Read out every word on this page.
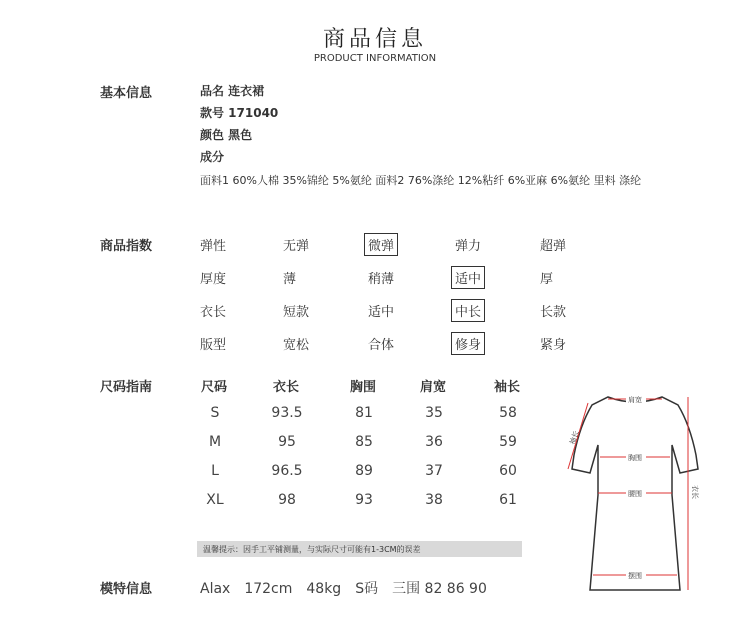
商品信息
PRODUCT INFORMATION
基本信息	品名 连衣裙
款号 171040
颜色 黑色
成分
面料1 60%人棉 35%锦纶 5%氨纶 面料2 76%涤纶 12%粘纤 6%亚麻 6%氨纶 里料 涤纶
商品指数	弹性	无弹	微弹	弹力	超弹
厚度	薄	稍薄	适中	厚
衣长	短款	适中	中长	长款
版型	宽松	合体	修身	紧身
尺码指南	尺码	衣长	胸围	肩宽	袖长
S	93.5	81	35	58
M	95	85	36	59
L	96.5	89	37	60
XL	98	93	38	61
温馨提示：因手工平铺测量，与实际尺寸可能有1-3CM的误差
肩宽
胸围
腰围
摆围
衣长
袖长
模特信息	Alax　172cm　48kg　S码　三围 82 86 90
